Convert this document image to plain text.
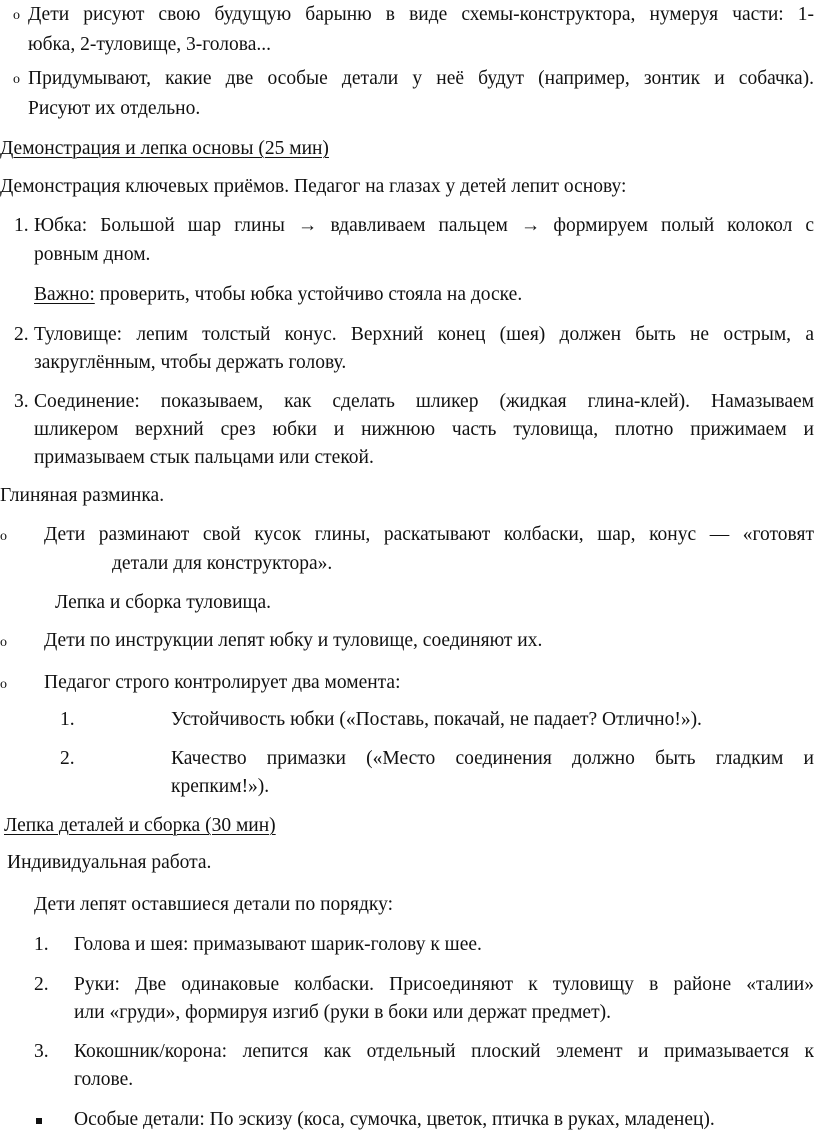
o Дети рисуют свою будущую барыню в виде схемы-конструктора, нумеруя части: 1-
юбка, 2-туловище, 3-голова...
o Придумывают, какие две особые детали у неё будут (например, зонтик и собачка).
Рисуют их отдельно.
Демонстрация и лепка основы (25 мин)
Демонстрация ключевых приёмов. Педагог на глазах у детей лепит основу:
1. Юбка: Большой шар глины → вдавливаем пальцем → формируем полый колокол с
ровным дном.
Важно: проверить, чтобы юбка устойчиво стояла на доске.
2. Туловище: лепим толстый конус. Верхний конец (шея) должен быть не острым, а
закруглённым, чтобы держать голову.
3. Соединение: показываем, как сделать шликер (жидкая глина-клей). Намазываем
шликером верхний срез юбки и нижнюю часть туловища, плотно прижимаем и
примазываем стык пальцами или стекой.
Глиняная разминка.
o Дети разминают свой кусок глины, раскатывают колбаски, шар, конус — «готовят
детали для конструктора».
Лепка и сборка туловища.
o Дети по инструкции лепят юбку и туловище, соединяют их.
o Педагог строго контролирует два момента:
1.	Устойчивость юбки («Поставь, покачай, не падает? Отлично!»).
2.	Качество примазки («Место соединения должно быть гладким и
крепким!»).
Лепка деталей и сборка (30 мин)
Индивидуальная работа.
Дети лепят оставшиеся детали по порядку:
1. Голова и шея: примазывают шарик-голову к шее.
2. Руки: Две одинаковые колбаски. Присоединяют к туловищу в районе «талии»
или «груди», формируя изгиб (руки в боки или держат предмет).
3. Кокошник/корона: лепится как отдельный плоский элемент и примазывается к
голове.
Особые детали: По эскизу (коса, сумочка, цветок, птичка в руках, младенец).
